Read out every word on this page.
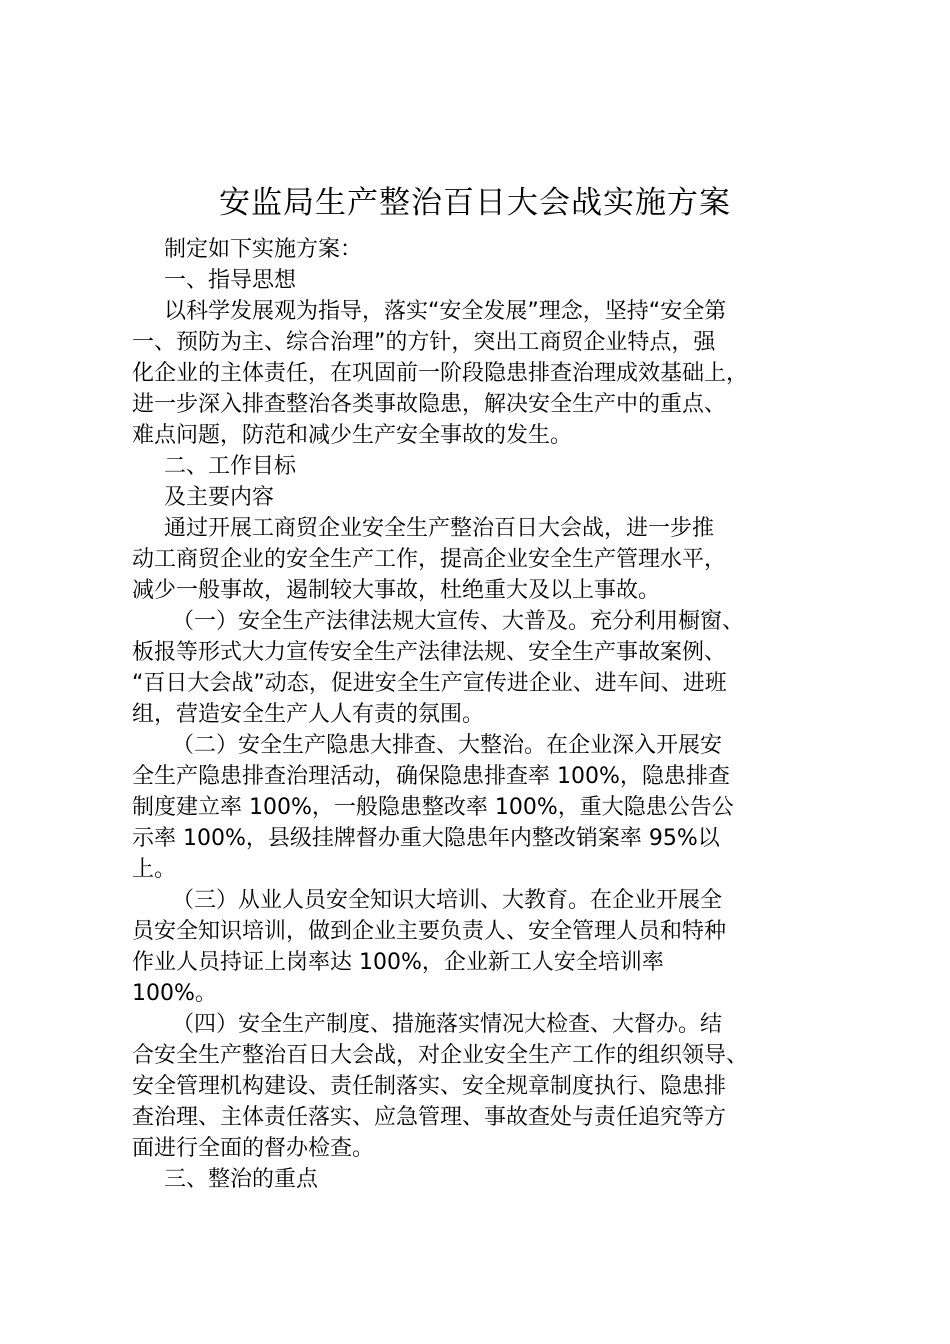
安监局生产整治百日大会战实施方案
制定如下实施方案：
一、指导思想
以科学发展观为指导，落实“安全发展”理念，坚持“安全第
一、预防为主、综合治理”的方针，突出工商贸企业特点，强
化企业的主体责任，在巩固前一阶段隐患排查治理成效基础上，
进一步深入排查整治各类事故隐患，解决安全生产中的重点、
难点问题，防范和减少生产安全事故的发生。
二、工作目标
及主要内容
通过开展工商贸企业安全生产整治百日大会战，进一步推
动工商贸企业的安全生产工作，提高企业安全生产管理水平，
减少一般事故，遏制较大事故，杜绝重大及以上事故。
（一）安全生产法律法规大宣传、大普及。充分利用橱窗、
板报等形式大力宣传安全生产法律法规、安全生产事故案例、
“百日大会战”动态，促进安全生产宣传进企业、进车间、进班
组，营造安全生产人人有责的氛围。
（二）安全生产隐患大排查、大整治。在企业深入开展安
全生产隐患排查治理活动，确保隐患排查率 100%，隐患排查
制度建立率 100%，一般隐患整改率 100%，重大隐患公告公
示率 100%，县级挂牌督办重大隐患年内整改销案率 95%以
上。
（三）从业人员安全知识大培训、大教育。在企业开展全
员安全知识培训，做到企业主要负责人、安全管理人员和特种
作业人员持证上岗率达 100%，企业新工人安全培训率
100%。
（四）安全生产制度、措施落实情况大检查、大督办。结
合安全生产整治百日大会战，对企业安全生产工作的组织领导、
安全管理机构建设、责任制落实、安全规章制度执行、隐患排
查治理、主体责任落实、应急管理、事故查处与责任追究等方
面进行全面的督办检查。
三、整治的重点
